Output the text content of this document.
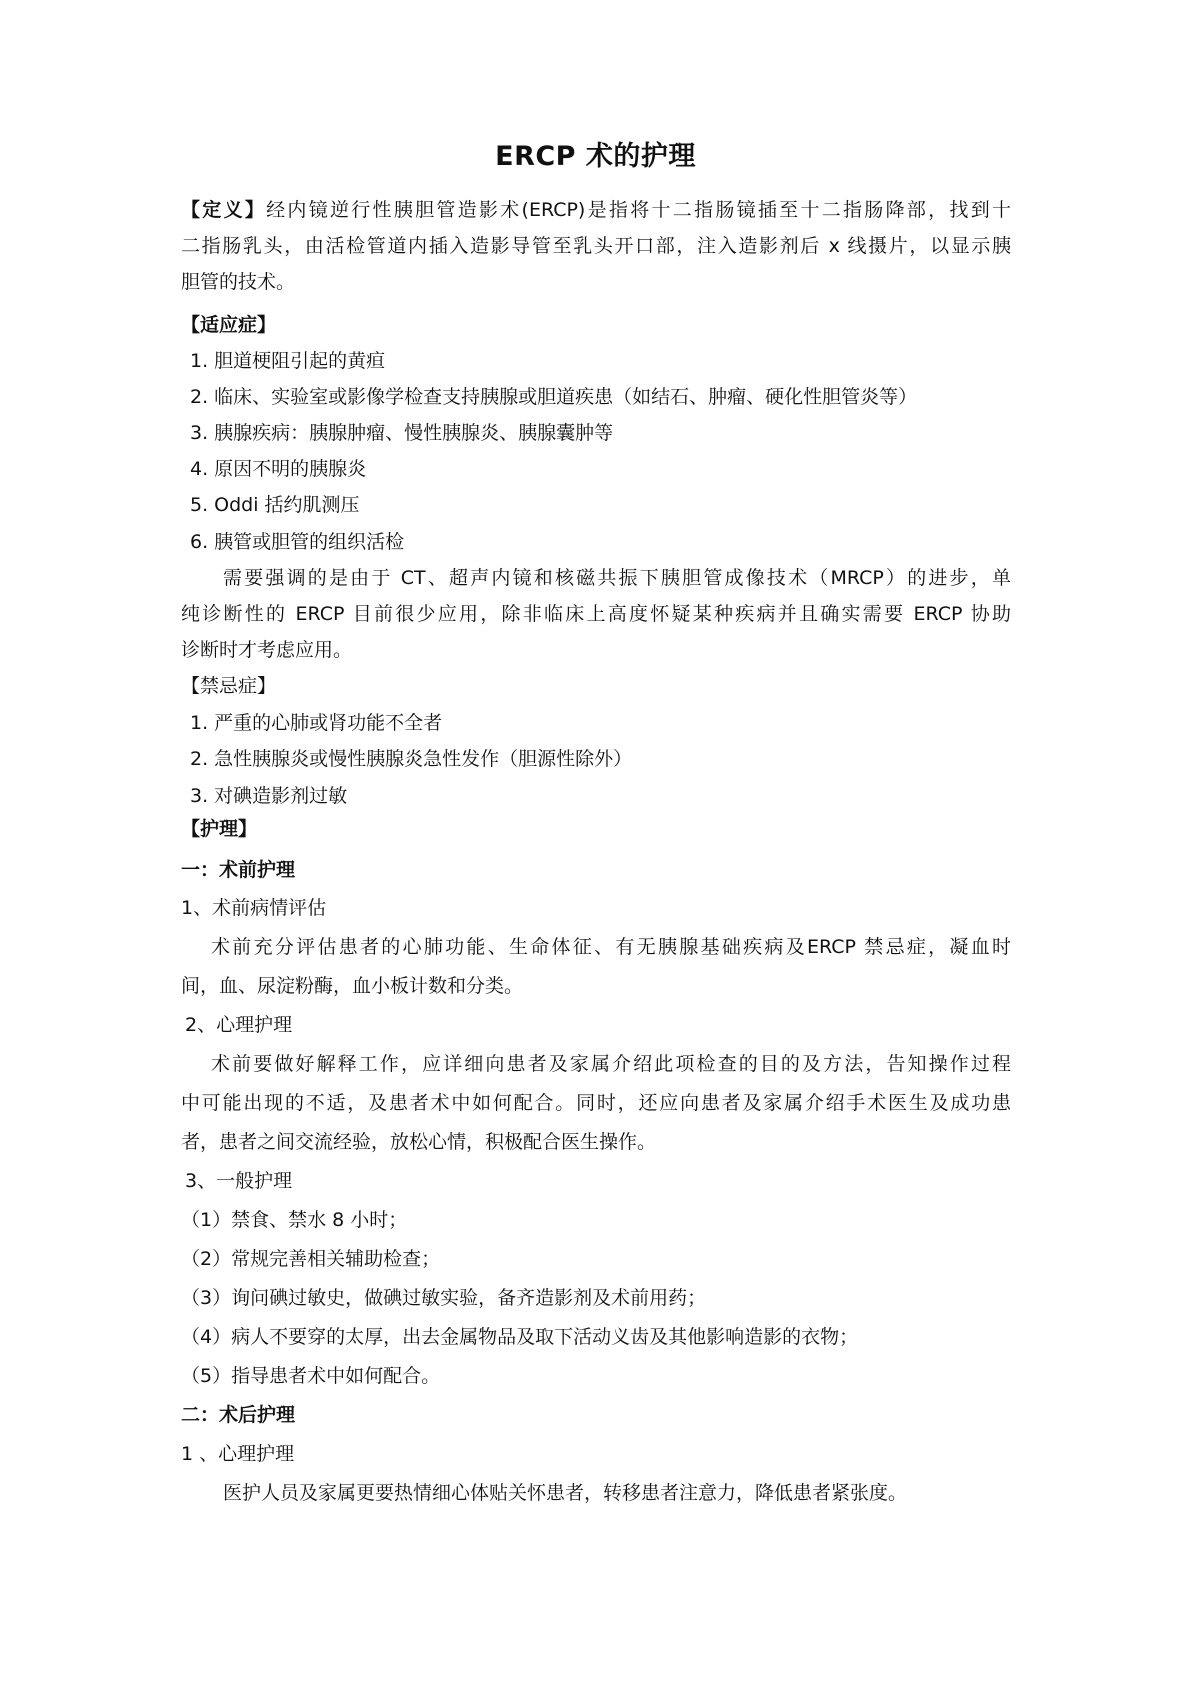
ERCP 术的护理
【定义】经内镜逆行性胰胆管造影术(ERCP)是指将十二指肠镜插至十二指肠降部，找到十
二指肠乳头，由活检管道内插入造影导管至乳头开口部，注入造影剂后 x 线摄片，以显示胰
胆管的技术。
【适应症】
1. 胆道梗阻引起的黄疸
2. 临床、实验室或影像学检查支持胰腺或胆道疾患（如结石、肿瘤、硬化性胆管炎等）
3. 胰腺疾病：胰腺肿瘤、慢性胰腺炎、胰腺囊肿等
4. 原因不明的胰腺炎
5. Oddi 括约肌测压
6. 胰管或胆管的组织活检
需要强调的是由于 CT、超声内镜和核磁共振下胰胆管成像技术（MRCP）的进步，单
纯诊断性的 ERCP 目前很少应用，除非临床上高度怀疑某种疾病并且确实需要 ERCP 协助
诊断时才考虑应用。
【禁忌症】
1. 严重的心肺或肾功能不全者
2. 急性胰腺炎或慢性胰腺炎急性发作（胆源性除外）
3. 对碘造影剂过敏
【护理】
一：术前护理
1、术前病情评估
术前充分评估患者的心肺功能、生命体征、有无胰腺基础疾病及ERCP 禁忌症，凝血时
间，血、尿淀粉酶，血小板计数和分类。
2、心理护理
术前要做好解释工作，应详细向患者及家属介绍此项检查的目的及方法，告知操作过程
中可能出现的不适，及患者术中如何配合。同时，还应向患者及家属介绍手术医生及成功患
者，患者之间交流经验，放松心情，积极配合医生操作。
3、一般护理
（1）禁食、禁水 8 小时；
（2）常规完善相关辅助检查；
（3）询问碘过敏史，做碘过敏实验，备齐造影剂及术前用药；
（4）病人不要穿的太厚，出去金属物品及取下活动义齿及其他影响造影的衣物；
（5）指导患者术中如何配合。
二：术后护理
1 、心理护理
医护人员及家属更要热情细心体贴关怀患者，转移患者注意力，降低患者紧张度。
